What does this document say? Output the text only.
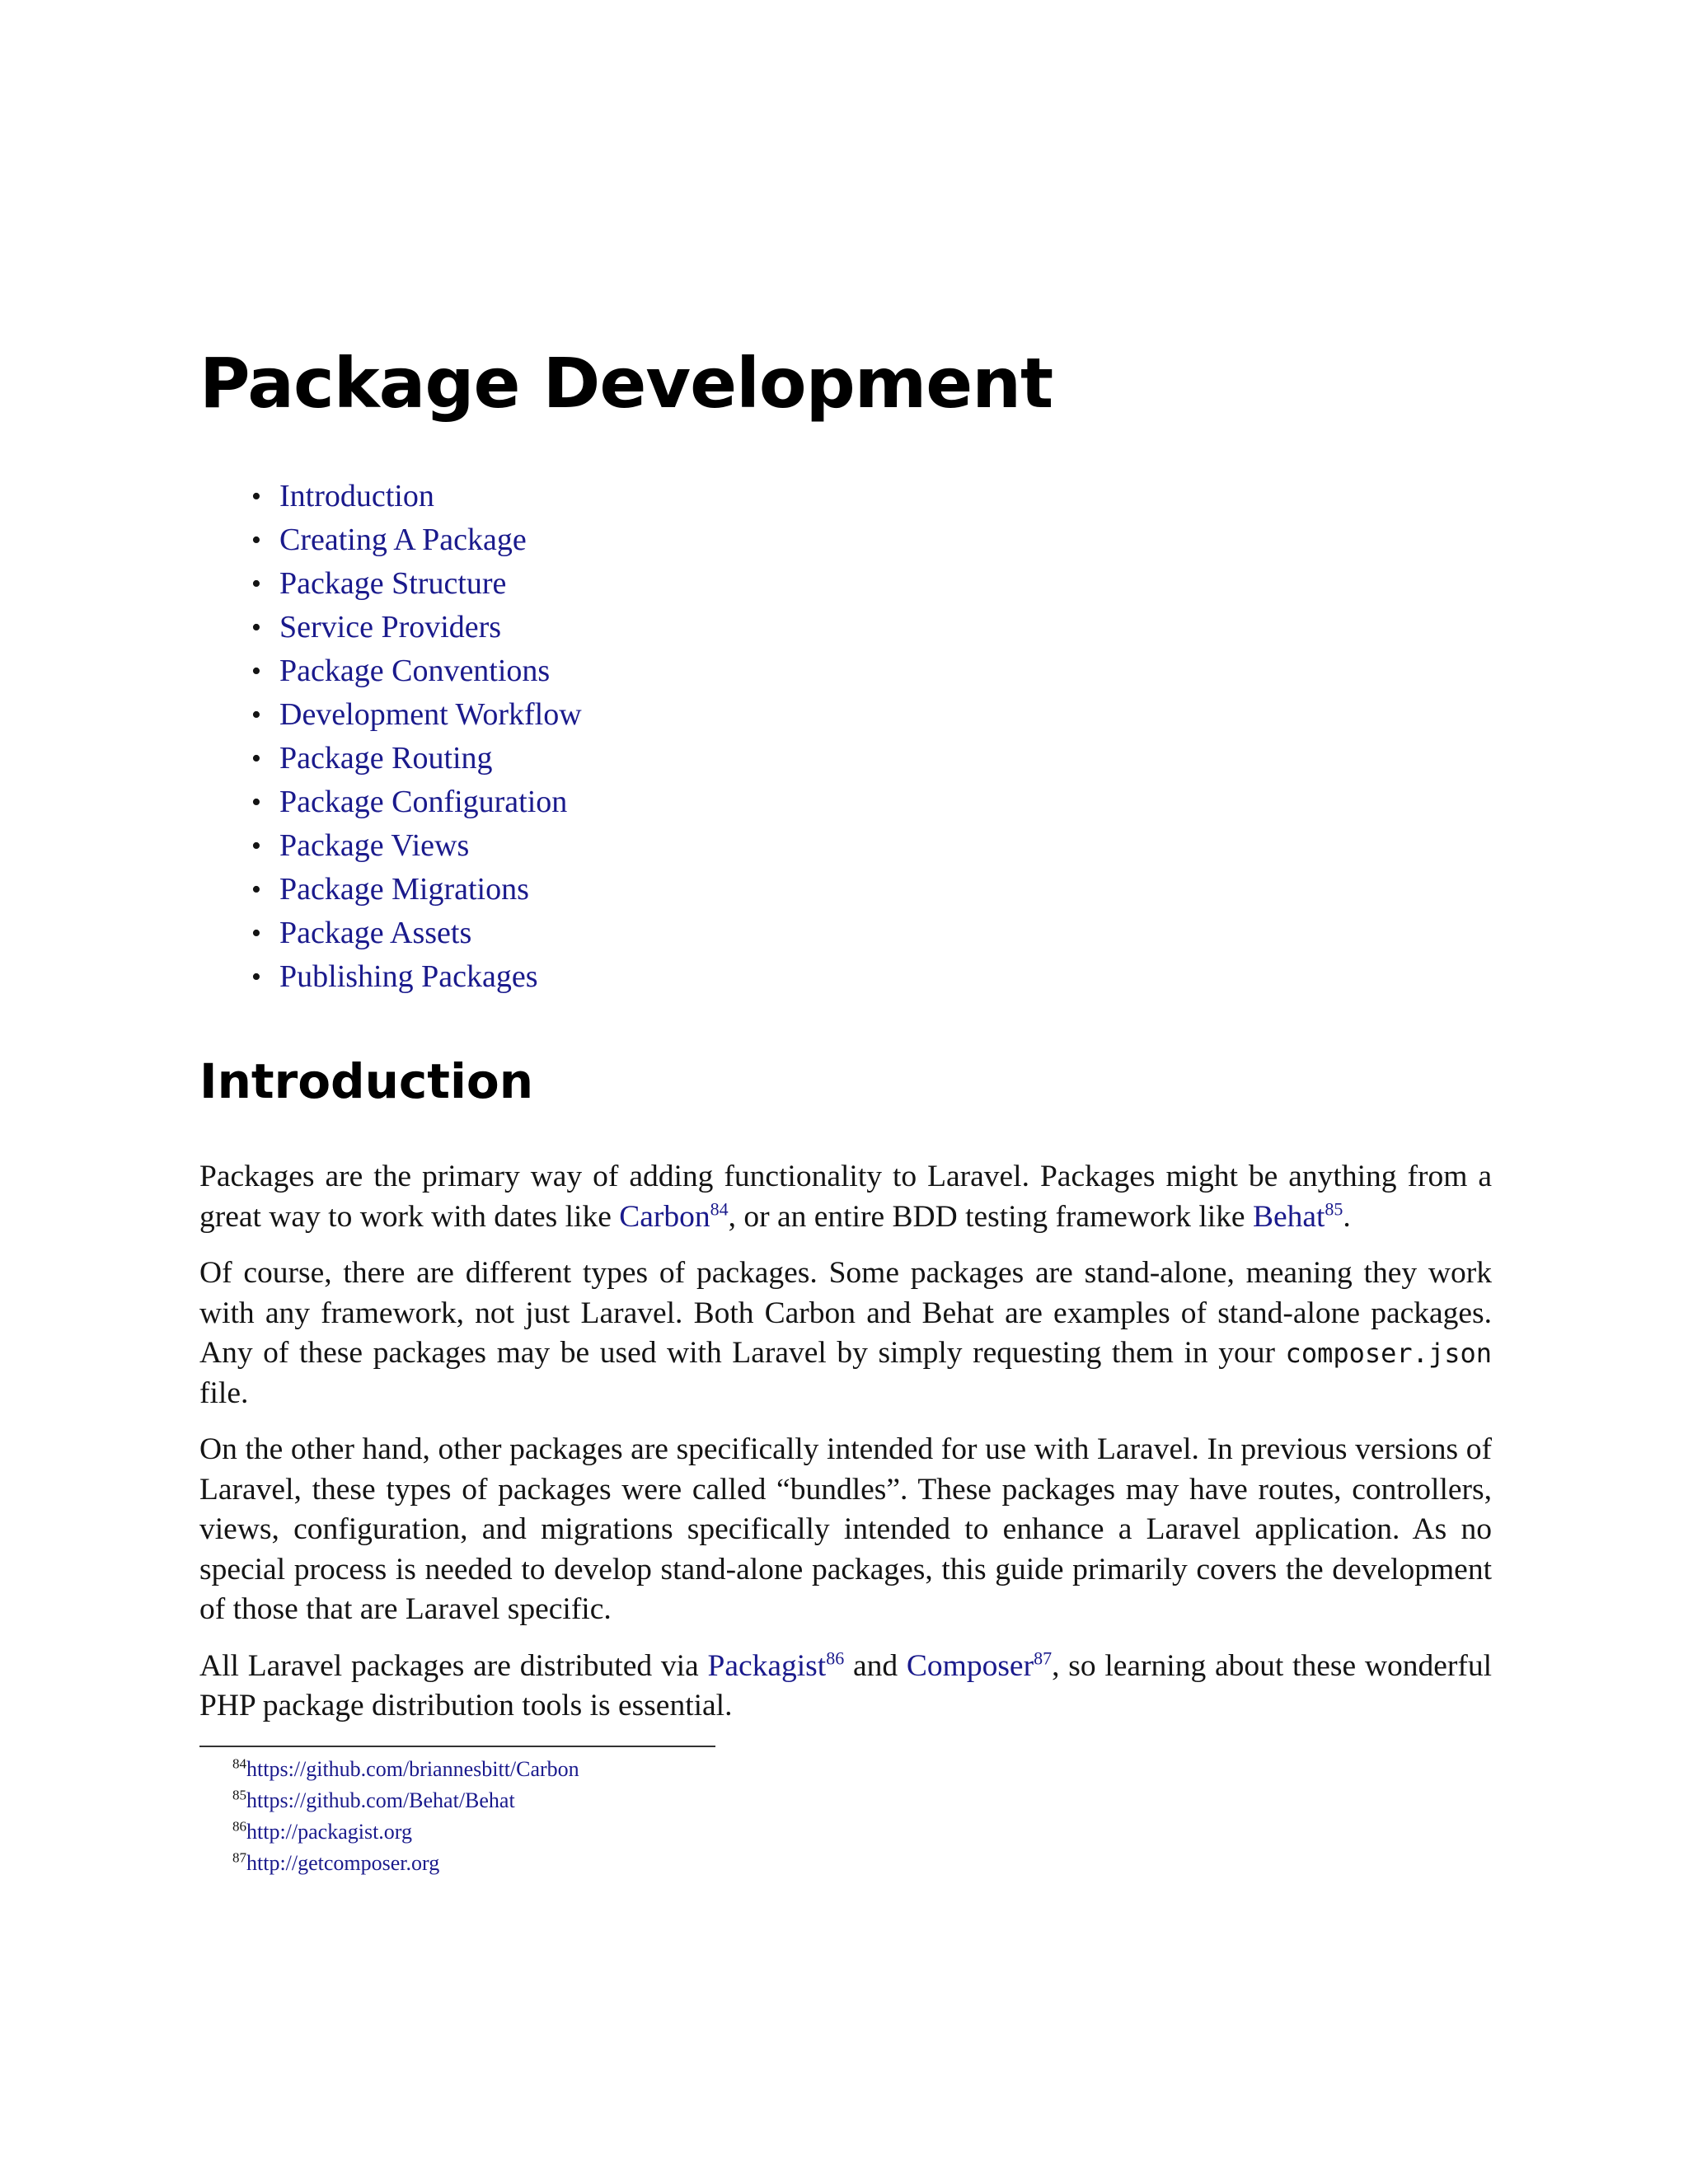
Package Development
• Introduction
• Creating A Package
• Package Structure
• Service Providers
• Package Conventions
• Development Workflow
• Package Routing
• Package Configuration
• Package Views
• Package Migrations
• Package Assets
• Publishing Packages
Introduction

Packages are the primary way of adding functionality to Laravel. Packages might be anything from a great way to work with dates like Carbon$^{84}$, or an entire BDD testing framework like Behat$^{85}$.

Of course, there are different types of packages. Some packages are stand-alone, meaning they work with any framework, not just Laravel. Both Carbon and Behat are examples of stand-alone packages. Any of these packages may be used with Laravel by simply requesting them in your composer.json file.

On the other hand, other packages are specifically intended for use with Laravel. In previous versions of Laravel, these types of packages were called “bundles”. These packages may have routes, controllers, views, configuration, and migrations specifically intended to enhance a Laravel application. As no special process is needed to develop stand-alone packages, this guide primarily covers the development of those that are Laravel specific.

All Laravel packages are distributed via Packagist$^{86}$ and Composer$^{87}$, so learning about these wonderful PHP package distribution tools is essential.

$^{84}$https://github.com/briannesbitt/Carbon
$^{85}$https://github.com/Behat/Behat
$^{86}$http://packagist.org
$^{87}$http://getcomposer.org
